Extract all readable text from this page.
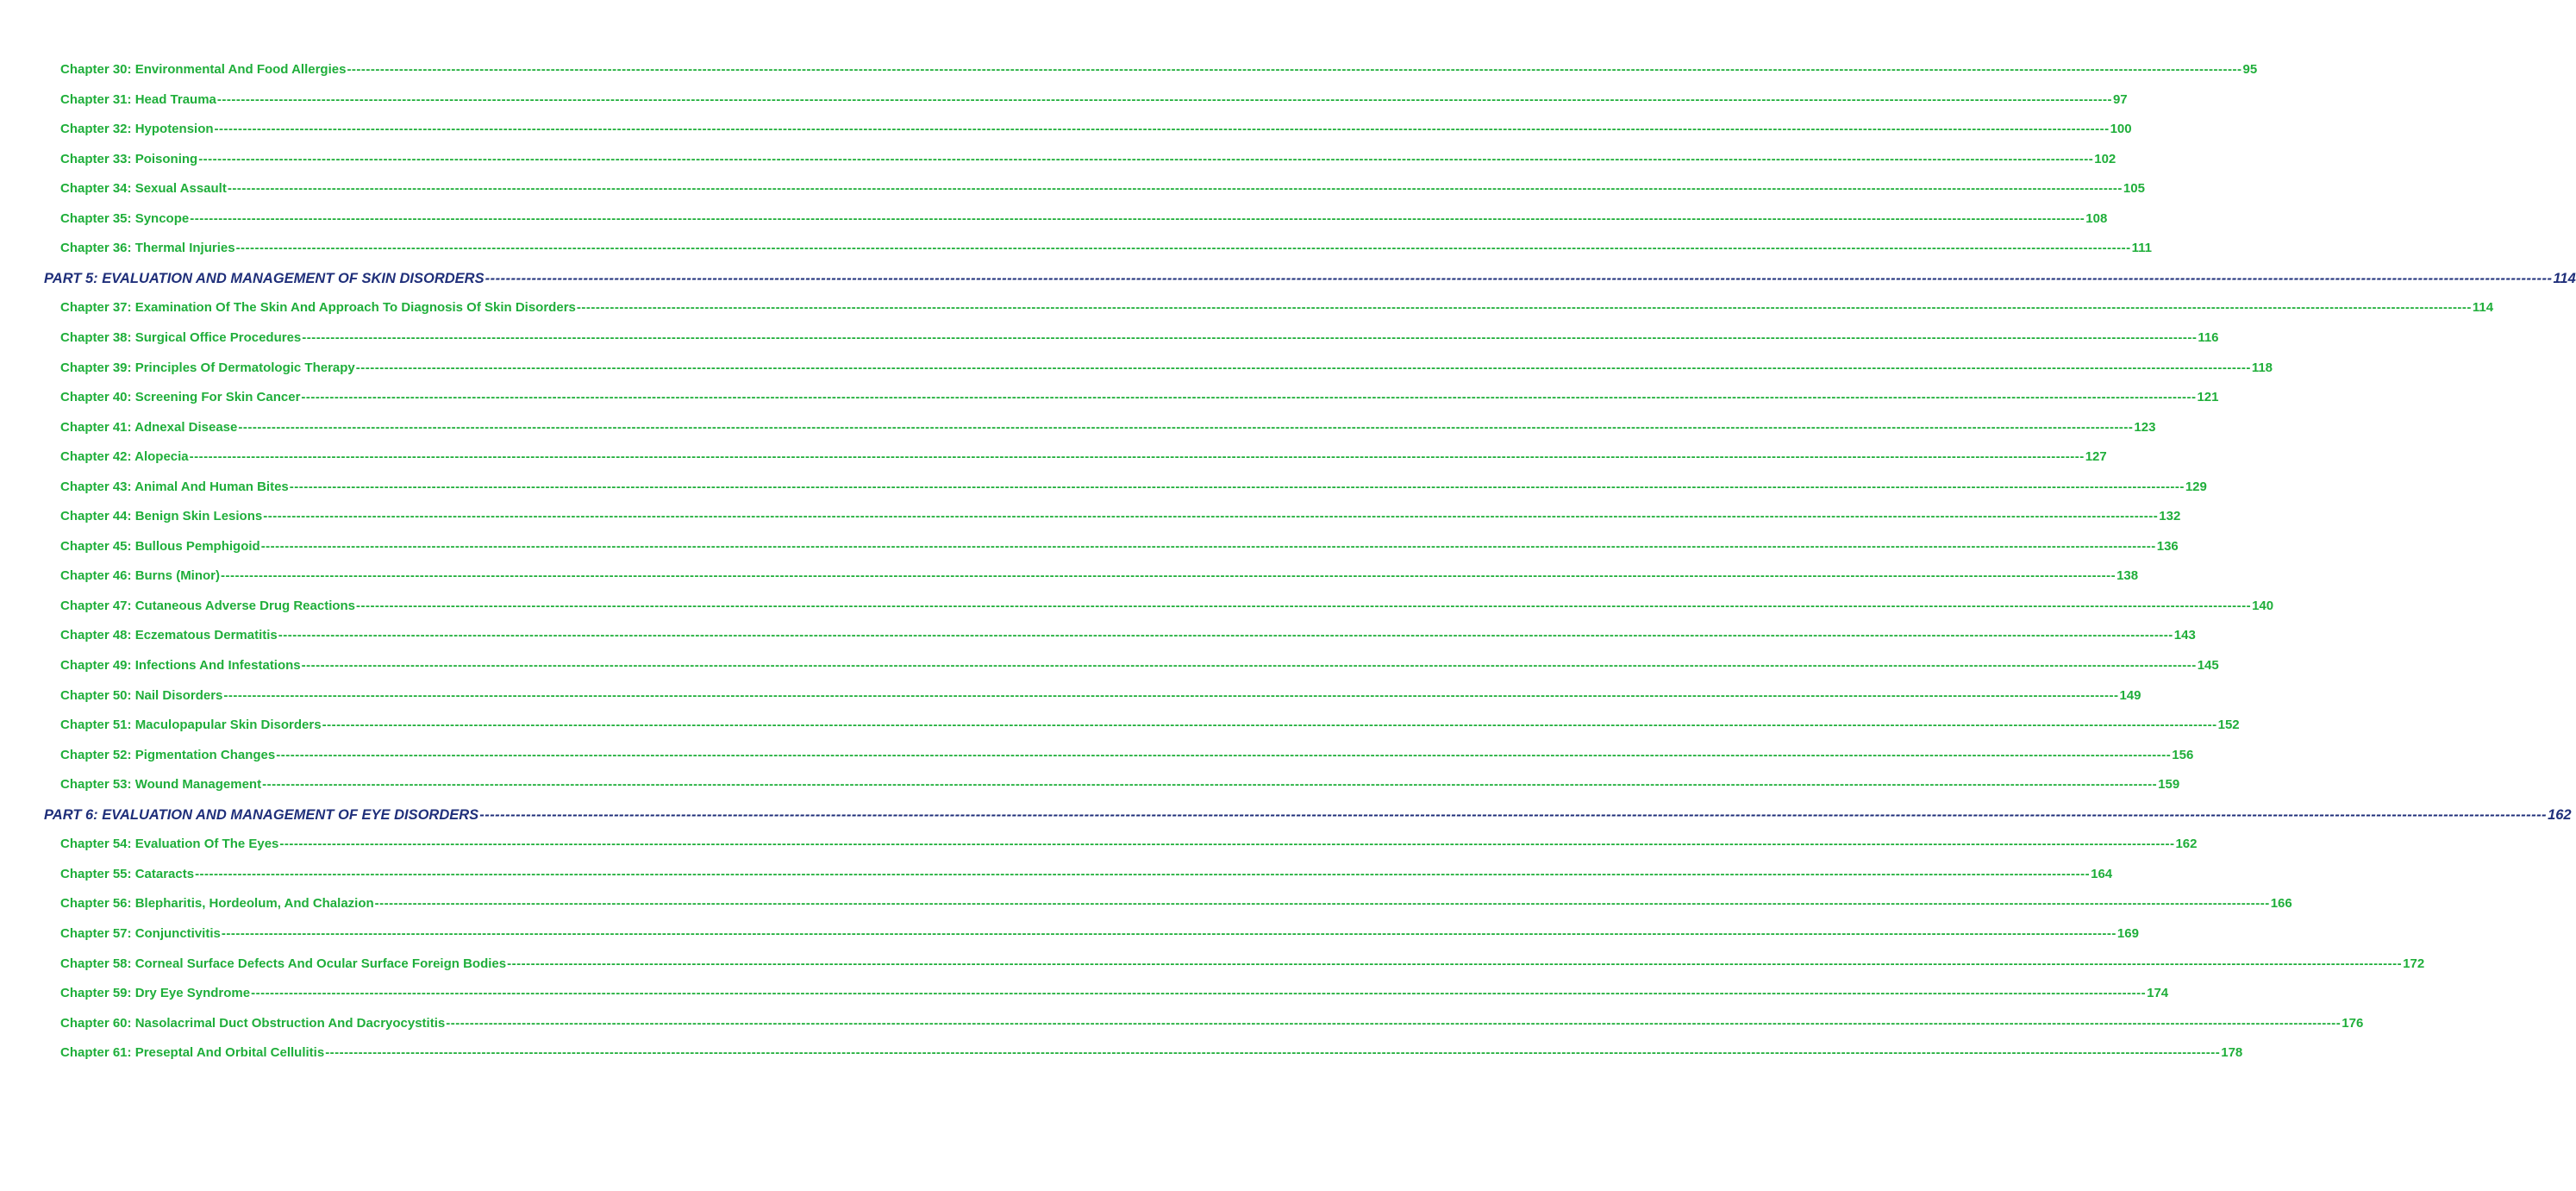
Chapter 30: Environmental And Food Allergies ---------------------------------------------------------------------------------------------------------------------------------------------------------------------------------------------------------------------------------------------------------------------------------------------------------------------------------------------------------------------------------------------------------------- 95
Chapter 31: Head Trauma ---------------------------------------------------------------------------------------------------------------------------------------------------------------------------------------------------------------------------------------------------------------------------------------------------------------------------------------------------------------------------------------------------------------- 97
Chapter 32: Hypotension ---------------------------------------------------------------------------------------------------------------------------------------------------------------------------------------------------------------------------------------------------------------------------------------------------------------------------------------------------------------------------------------------------------------- 100
Chapter 33: Poisoning ---------------------------------------------------------------------------------------------------------------------------------------------------------------------------------------------------------------------------------------------------------------------------------------------------------------------------------------------------------------------------------------------------------------- 102
Chapter 34: Sexual Assault ---------------------------------------------------------------------------------------------------------------------------------------------------------------------------------------------------------------------------------------------------------------------------------------------------------------------------------------------------------------------------------------------------------------- 105
Chapter 35: Syncope ---------------------------------------------------------------------------------------------------------------------------------------------------------------------------------------------------------------------------------------------------------------------------------------------------------------------------------------------------------------------------------------------------------------- 108
Chapter 36: Thermal Injuries ---------------------------------------------------------------------------------------------------------------------------------------------------------------------------------------------------------------------------------------------------------------------------------------------------------------------------------------------------------------------------------------------------------------- 111
PART 5: EVALUATION AND MANAGEMENT OF SKIN DISORDERS ---------------------------------------------------------------------------------------------------------------------------------------------------------------------------------------------------------------------------------------------------------------------------------------------------------------------------------------------------------------------------------------------------------------- 114
Chapter 37: Examination Of The Skin And Approach To Diagnosis Of Skin Disorders ---------------------------------------------------------------------------------------------------------------------------------------------------------------------------------------------------------------------------------------------------------------------------------------------------------------------------------------------------------------------------------------------------------------- 114
Chapter 38: Surgical Office Procedures ---------------------------------------------------------------------------------------------------------------------------------------------------------------------------------------------------------------------------------------------------------------------------------------------------------------------------------------------------------------------------------------------------------------- 116
Chapter 39: Principles Of Dermatologic Therapy ---------------------------------------------------------------------------------------------------------------------------------------------------------------------------------------------------------------------------------------------------------------------------------------------------------------------------------------------------------------------------------------------------------------- 118
Chapter 40: Screening For Skin Cancer ---------------------------------------------------------------------------------------------------------------------------------------------------------------------------------------------------------------------------------------------------------------------------------------------------------------------------------------------------------------------------------------------------------------- 121
Chapter 41: Adnexal Disease ---------------------------------------------------------------------------------------------------------------------------------------------------------------------------------------------------------------------------------------------------------------------------------------------------------------------------------------------------------------------------------------------------------------- 123
Chapter 42: Alopecia ---------------------------------------------------------------------------------------------------------------------------------------------------------------------------------------------------------------------------------------------------------------------------------------------------------------------------------------------------------------------------------------------------------------- 127
Chapter 43: Animal And Human Bites ---------------------------------------------------------------------------------------------------------------------------------------------------------------------------------------------------------------------------------------------------------------------------------------------------------------------------------------------------------------------------------------------------------------- 129
Chapter 44: Benign Skin Lesions ---------------------------------------------------------------------------------------------------------------------------------------------------------------------------------------------------------------------------------------------------------------------------------------------------------------------------------------------------------------------------------------------------------------- 132
Chapter 45: Bullous Pemphigoid ---------------------------------------------------------------------------------------------------------------------------------------------------------------------------------------------------------------------------------------------------------------------------------------------------------------------------------------------------------------------------------------------------------------- 136
Chapter 46: Burns (Minor) ---------------------------------------------------------------------------------------------------------------------------------------------------------------------------------------------------------------------------------------------------------------------------------------------------------------------------------------------------------------------------------------------------------------- 138
Chapter 47: Cutaneous Adverse Drug Reactions ---------------------------------------------------------------------------------------------------------------------------------------------------------------------------------------------------------------------------------------------------------------------------------------------------------------------------------------------------------------------------------------------------------------- 140
Chapter 48: Eczematous Dermatitis ---------------------------------------------------------------------------------------------------------------------------------------------------------------------------------------------------------------------------------------------------------------------------------------------------------------------------------------------------------------------------------------------------------------- 143
Chapter 49: Infections And Infestations ---------------------------------------------------------------------------------------------------------------------------------------------------------------------------------------------------------------------------------------------------------------------------------------------------------------------------------------------------------------------------------------------------------------- 145
Chapter 50: Nail Disorders ---------------------------------------------------------------------------------------------------------------------------------------------------------------------------------------------------------------------------------------------------------------------------------------------------------------------------------------------------------------------------------------------------------------- 149
Chapter 51: Maculopapular Skin Disorders ---------------------------------------------------------------------------------------------------------------------------------------------------------------------------------------------------------------------------------------------------------------------------------------------------------------------------------------------------------------------------------------------------------------- 152
Chapter 52: Pigmentation Changes ---------------------------------------------------------------------------------------------------------------------------------------------------------------------------------------------------------------------------------------------------------------------------------------------------------------------------------------------------------------------------------------------------------------- 156
Chapter 53: Wound Management ---------------------------------------------------------------------------------------------------------------------------------------------------------------------------------------------------------------------------------------------------------------------------------------------------------------------------------------------------------------------------------------------------------------- 159
PART 6: EVALUATION AND MANAGEMENT OF EYE DISORDERS ---------------------------------------------------------------------------------------------------------------------------------------------------------------------------------------------------------------------------------------------------------------------------------------------------------------------------------------------------------------------------------------------------------------- 162
Chapter 54: Evaluation Of The Eyes ---------------------------------------------------------------------------------------------------------------------------------------------------------------------------------------------------------------------------------------------------------------------------------------------------------------------------------------------------------------------------------------------------------------- 162
Chapter 55: Cataracts ---------------------------------------------------------------------------------------------------------------------------------------------------------------------------------------------------------------------------------------------------------------------------------------------------------------------------------------------------------------------------------------------------------------- 164
Chapter 56: Blepharitis, Hordeolum, And Chalazion ---------------------------------------------------------------------------------------------------------------------------------------------------------------------------------------------------------------------------------------------------------------------------------------------------------------------------------------------------------------------------------------------------------------- 166
Chapter 57: Conjunctivitis ---------------------------------------------------------------------------------------------------------------------------------------------------------------------------------------------------------------------------------------------------------------------------------------------------------------------------------------------------------------------------------------------------------------- 169
Chapter 58: Corneal Surface Defects And Ocular Surface Foreign Bodies ---------------------------------------------------------------------------------------------------------------------------------------------------------------------------------------------------------------------------------------------------------------------------------------------------------------------------------------------------------------------------------------------------------------- 172
Chapter 59: Dry Eye Syndrome ---------------------------------------------------------------------------------------------------------------------------------------------------------------------------------------------------------------------------------------------------------------------------------------------------------------------------------------------------------------------------------------------------------------- 174
Chapter 60: Nasolacrimal Duct Obstruction And Dacryocystitis ---------------------------------------------------------------------------------------------------------------------------------------------------------------------------------------------------------------------------------------------------------------------------------------------------------------------------------------------------------------------------------------------------------------- 176
Chapter 61: Preseptal And Orbital Cellulitis ---------------------------------------------------------------------------------------------------------------------------------------------------------------------------------------------------------------------------------------------------------------------------------------------------------------------------------------------------------------------------------------------------------------- 178
